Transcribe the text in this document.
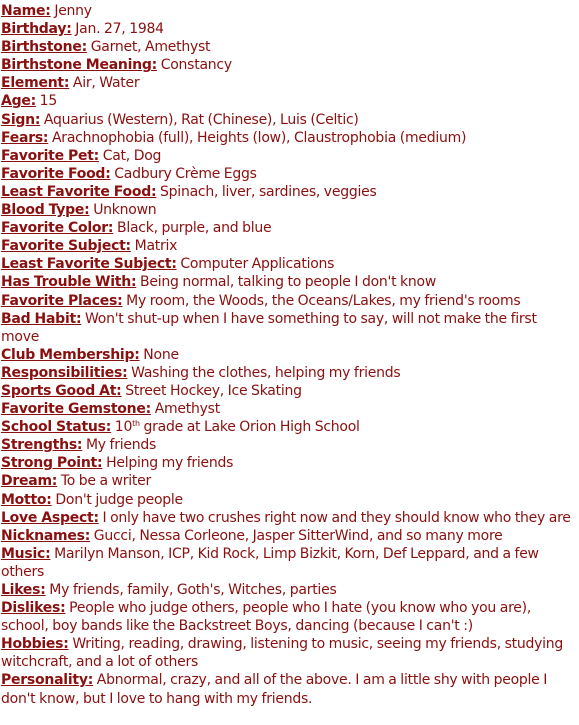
Name: Jenny
Birthday: Jan. 27, 1984
Birthstone: Garnet, Amethyst
Birthstone Meaning: Constancy
Element: Air, Water
Age: 15
Sign: Aquarius (Western), Rat (Chinese), Luis (Celtic)
Fears: Arachnophobia (full), Heights (low), Claustrophobia (medium)
Favorite Pet: Cat, Dog
Favorite Food: Cadbury Crème Eggs
Least Favorite Food: Spinach, liver, sardines, veggies
Blood Type: Unknown
Favorite Color: Black, purple, and blue
Favorite Subject: Matrix
Least Favorite Subject: Computer Applications
Has Trouble With: Being normal, talking to people I don't know
Favorite Places: My room, the Woods, the Oceans/Lakes, my friend's rooms
Bad Habit: Won't shut-up when I have something to say, will not make the first move
Club Membership: None
Responsibilities: Washing the clothes, helping my friends
Sports Good At: Street Hockey, Ice Skating
Favorite Gemstone: Amethyst
School Status: 10th grade at Lake Orion High School
Strengths: My friends
Strong Point: Helping my friends
Dream: To be a writer
Motto: Don't judge people
Love Aspect: I only have two crushes right now and they should know who they are
Nicknames: Gucci, Nessa Corleone, Jasper SitterWind, and so many more
Music: Marilyn Manson, ICP, Kid Rock, Limp Bizkit, Korn, Def Leppard, and a few others
Likes: My friends, family, Goth's, Witches, parties
Dislikes: People who judge others, people who I hate (you know who you are), school, boy bands like the Backstreet Boys, dancing (because I can't :)
Hobbies: Writing, reading, drawing, listening to music, seeing my friends, studying witchcraft, and a lot of others
Personality: Abnormal, crazy, and all of the above. I am a little shy with people I don't know, but I love to hang with my friends.
